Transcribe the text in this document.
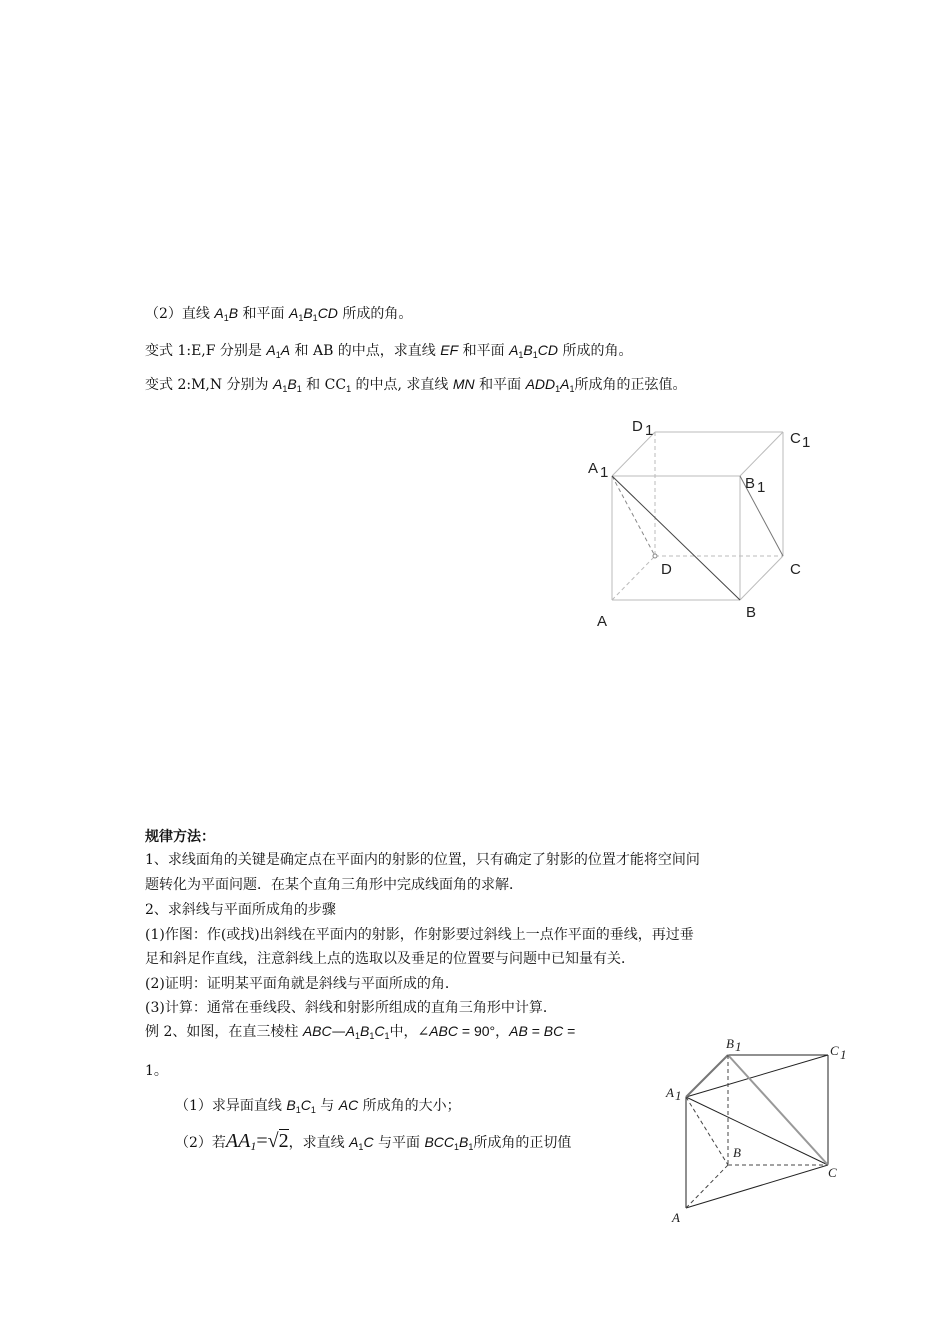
（2）直线 $A_1B$ 和平面 $A_1B_1CD$ 所成的角。
变式 1:E,F 分别是 $A_1A$ 和 AB 的中点，求直线 EF 和平面 $A_1B_1CD$ 所成的角。
变式 2:M,N 分别为 $A_1B_1$ 和 $CC_1$ 的中点, 求直线 MN 和平面 $ADD_1A_1$所成角的正弦值。
D 1	C 1
A 1
B 1
D	C
B
A
规律方法：
1、求线面角的关键是确定点在平面内的射影的位置，只有确定了射影的位置才能将空间问
题转化为平面问题．在某个直角三角形中完成线面角的求解．
2、求斜线与平面所成角的步骤
(1)作图：作(或找)出斜线在平面内的射影，作射影要过斜线上一点作平面的垂线，再过垂
足和斜足作直线，注意斜线上点的选取以及垂足的位置要与问题中已知量有关．
(2)证明：证明某平面角就是斜线与平面所成的角．
(3)计算：通常在垂线段、斜线和射影所组成的直角三角形中计算．
例 2、如图，在直三棱柱 $ABC—A_1B_1C_1$中，∠ABC = 90°，AB = BC =
1。
（1）求异面直线 $B_1C_1$ 与 AC 所成角的大小；
（2）若AA1=√2，求直线 $A_1C$ 与平面 $BCC_1B_1$所成角的正切值
B 1	C 1
A 1
B
C
A
